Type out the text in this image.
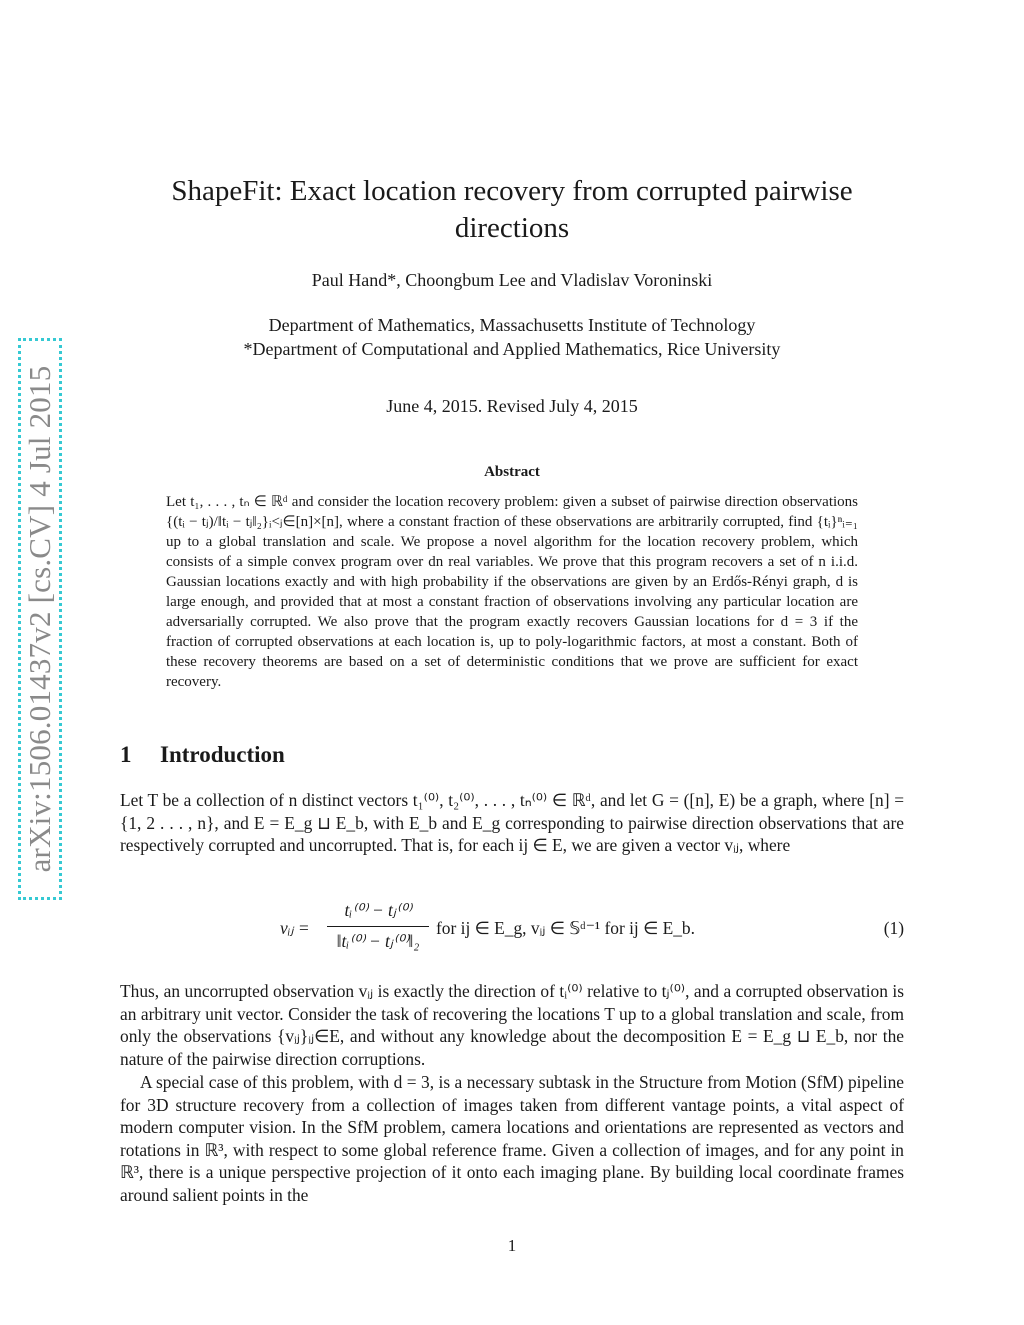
arXiv:1506.01437v2 [cs.CV] 4 Jul 2015
ShapeFit: Exact location recovery from corrupted pairwise directions
Paul Hand*, Choongbum Lee and Vladislav Voroninski
Department of Mathematics, Massachusetts Institute of Technology
*Department of Computational and Applied Mathematics, Rice University
June 4, 2015. Revised July 4, 2015
Abstract

Let t₁, . . . , tₙ ∈ ℝᵈ and consider the location recovery problem: given a subset of pairwise direction observations {(tᵢ − tⱼ)/‖tᵢ − tⱼ‖₂}ᵢ<ⱼ∈[n]×[n], where a constant fraction of these observations are arbitrarily corrupted, find {tᵢ}ⁿᵢ₌₁ up to a global translation and scale. We propose a novel algorithm for the location recovery problem, which consists of a simple convex program over dn real variables. We prove that this program recovers a set of n i.i.d. Gaussian locations exactly and with high probability if the observations are given by an Erdős-Rényi graph, d is large enough, and provided that at most a constant fraction of observations involving any particular location are adversarially corrupted. We also prove that the program exactly recovers Gaussian locations for d = 3 if the fraction of corrupted observations at each location is, up to poly-logarithmic factors, at most a constant. Both of these recovery theorems are based on a set of deterministic conditions that we prove are sufficient for exact recovery.

1 Introduction

Let T be a collection of n distinct vectors t₁⁽⁰⁾, t₂⁽⁰⁾, . . . , tₙ⁽⁰⁾ ∈ ℝᵈ, and let G = ([n], E) be a graph, where [n] = {1, 2 . . . , n}, and E = E_g ⊔ E_b, with E_b and E_g corresponding to pairwise direction observations that are respectively corrupted and uncorrupted. That is, for each ij ∈ E, we are given a vector vᵢⱼ, where

vᵢⱼ =
tᵢ⁽⁰⁾ − tⱼ⁽⁰⁾
‖tᵢ⁽⁰⁾ − tⱼ⁽⁰⁾‖₂
for ij ∈ E_g, vᵢⱼ ∈ 𝕊ᵈ⁻¹ for ij ∈ E_b.	(1)

Thus, an uncorrupted observation vᵢⱼ is exactly the direction of tᵢ⁽⁰⁾ relative to tⱼ⁽⁰⁾, and a corrupted observation is an arbitrary unit vector. Consider the task of recovering the locations T up to a global translation and scale, from only the observations {vᵢⱼ}ᵢⱼ∈E, and without any knowledge about the decomposition E = E_g ⊔ E_b, nor the nature of the pairwise direction corruptions.

A special case of this problem, with d = 3, is a necessary subtask in the Structure from Motion (SfM) pipeline for 3D structure recovery from a collection of images taken from different vantage points, a vital aspect of modern computer vision. In the SfM problem, camera locations and orientations are represented as vectors and rotations in ℝ³, with respect to some global reference frame. Given a collection of images, and for any point in ℝ³, there is a unique perspective projection of it onto each imaging plane. By building local coordinate frames around salient points in the

1
